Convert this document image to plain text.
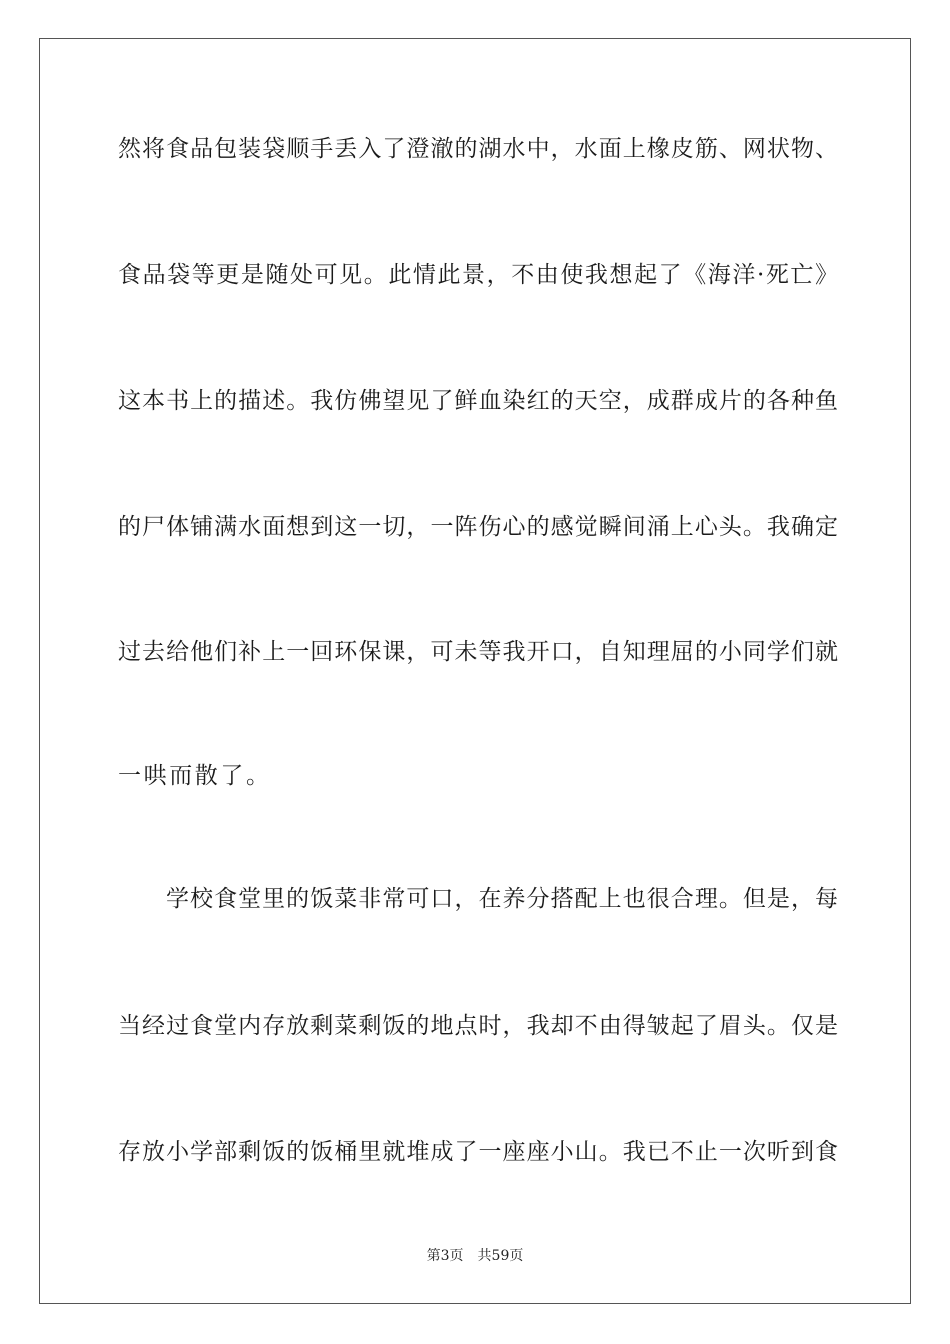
然将食品包装袋顺手丢入了澄澈的湖水中，水面上橡皮筋、网状物、
食品袋等更是随处可见。此情此景，不由使我想起了《海洋·死亡》
这本书上的描述。我仿佛望见了鲜血染红的天空，成群成片的各种鱼
的尸体铺满水面想到这一切，一阵伤心的感觉瞬间涌上心头。我确定
过去给他们补上一回环保课，可未等我开口，自知理屈的小同学们就
一哄而散了。
学校食堂里的饭菜非常可口，在养分搭配上也很合理。但是，每
当经过食堂内存放剩菜剩饭的地点时，我却不由得皱起了眉头。仅是
存放小学部剩饭的饭桶里就堆成了一座座小山。我已不止一次听到食
第3页 共59页
